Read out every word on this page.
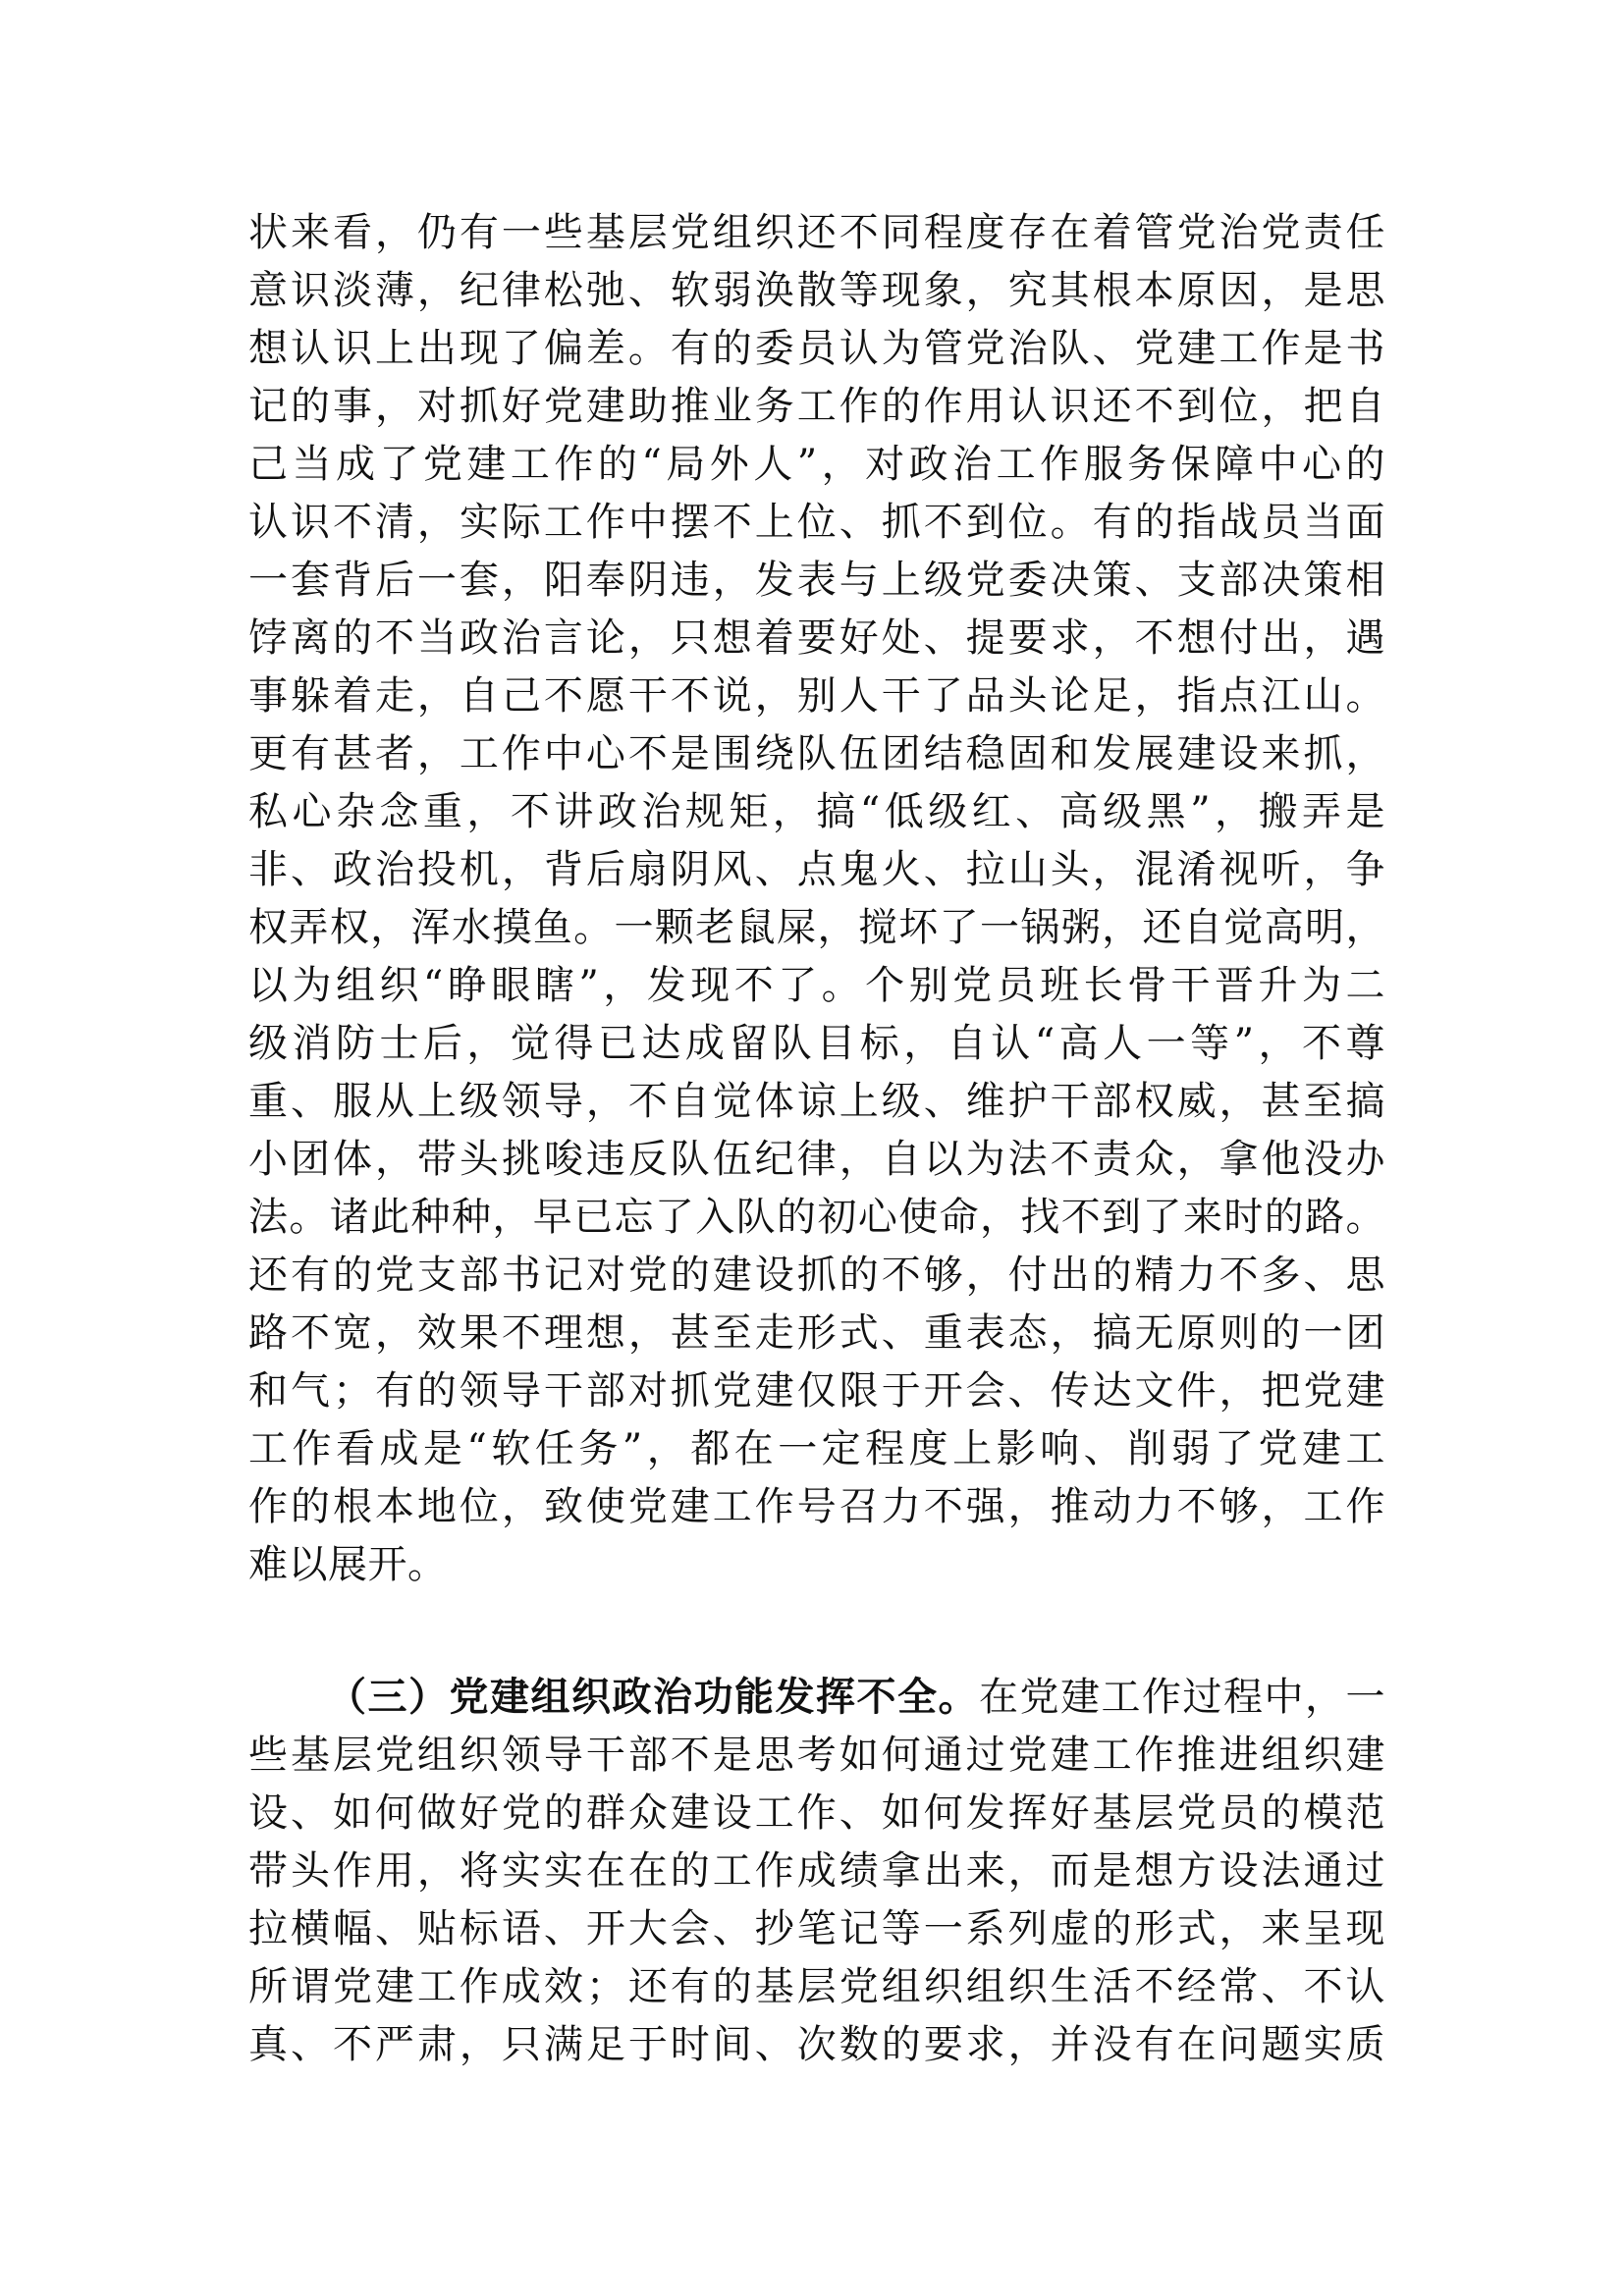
状来看，仍有一些基层党组织还不同程度存在着管党治党责任
意识淡薄，纪律松弛、软弱涣散等现象，究其根本原因，是思
想认识上出现了偏差。有的委员认为管党治队、党建工作是书
记的事，对抓好党建助推业务工作的作用认识还不到位，把自
己当成了党建工作的“局外人”，对政治工作服务保障中心的
认识不清，实际工作中摆不上位、抓不到位。有的指战员当面
一套背后一套，阳奉阴违，发表与上级党委决策、支部决策相
饽离的不当政治言论，只想着要好处、提要求，不想付出，遇
事躲着走，自己不愿干不说，别人干了品头论足，指点江山。
更有甚者，工作中心不是围绕队伍团结稳固和发展建设来抓，
私心杂念重，不讲政治规矩，搞“低级红、高级黑”，搬弄是
非、政治投机，背后扇阴风、点鬼火、拉山头，混淆视听，争
权弄权，浑水摸鱼。一颗老鼠屎，搅坏了一锅粥，还自觉高明，
以为组织“睁眼瞎”，发现不了。个别党员班长骨干晋升为二
级消防士后，觉得已达成留队目标，自认“高人一等”，不尊
重、服从上级领导，不自觉体谅上级、维护干部权威，甚至搞
小团体，带头挑唆违反队伍纪律，自以为法不责众，拿他没办
法。诸此种种，早已忘了入队的初心使命，找不到了来时的路。
还有的党支部书记对党的建设抓的不够，付出的精力不多、思
路不宽，效果不理想，甚至走形式、重表态，搞无原则的一团
和气；有的领导干部对抓党建仅限于开会、传达文件，把党建
工作看成是“软任务”，都在一定程度上影响、削弱了党建工
作的根本地位，致使党建工作号召力不强，推动力不够，工作
难以展开。
（三）党建组织政治功能发挥不全。在党建工作过程中，一
些基层党组织领导干部不是思考如何通过党建工作推进组织建
设、如何做好党的群众建设工作、如何发挥好基层党员的模范
带头作用，将实实在在的工作成绩拿出来，而是想方设法通过
拉横幅、贴标语、开大会、抄笔记等一系列虚的形式，来呈现
所谓党建工作成效；还有的基层党组织组织生活不经常、不认
真、不严肃，只满足于时间、次数的要求，并没有在问题实质
